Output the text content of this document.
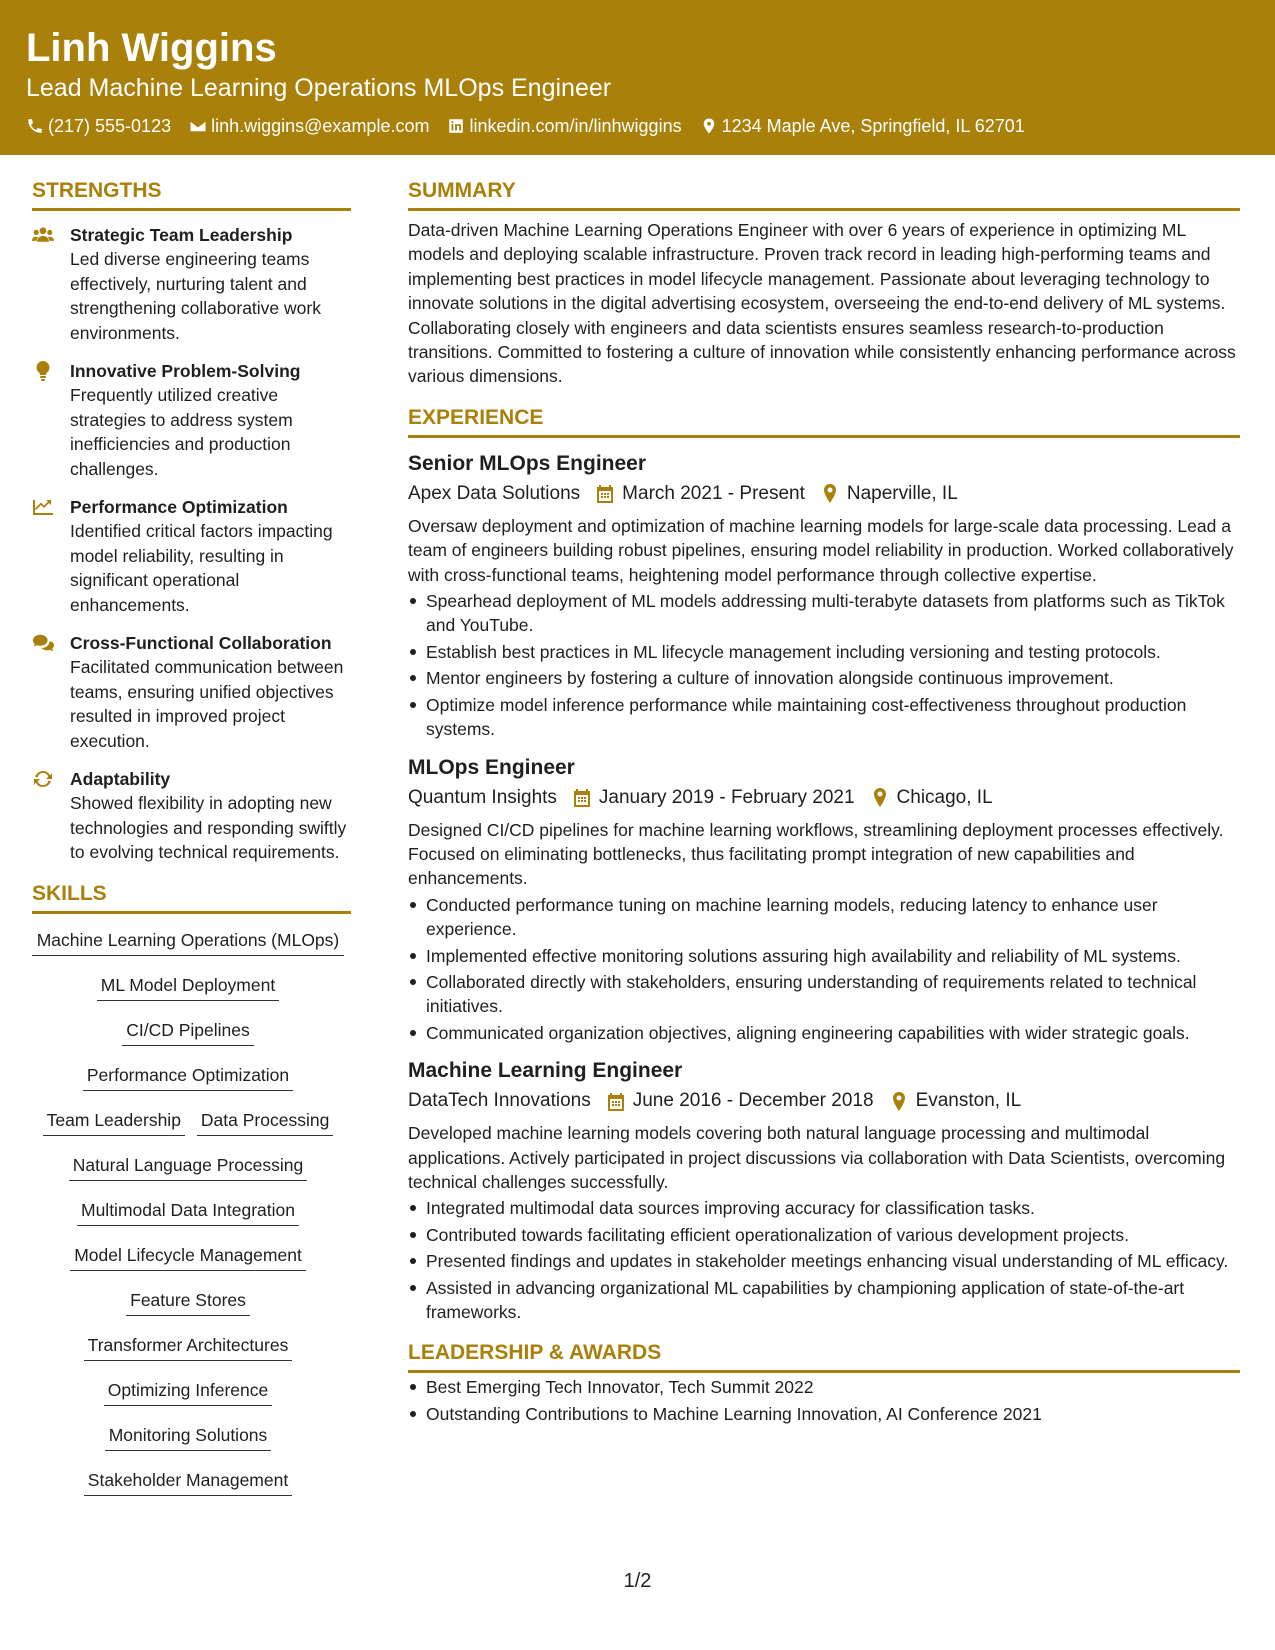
Linh Wiggins
Lead Machine Learning Operations MLOps Engineer
(217) 555-0123 linh.wiggins@example.com linkedin.com/in/linhwiggins 1234 Maple Ave, Springfield, IL 62701
STRENGTHS
Strategic Team Leadership
Led diverse engineering teams effectively, nurturing talent and strengthening collaborative work environments.
Innovative Problem-Solving
Frequently utilized creative strategies to address system inefficiencies and production challenges.
Performance Optimization
Identified critical factors impacting model reliability, resulting in significant operational enhancements.
Cross-Functional Collaboration
Facilitated communication between teams, ensuring unified objectives resulted in improved project execution.
Adaptability
Showed flexibility in adopting new technologies and responding swiftly to evolving technical requirements.
SKILLS
Machine Learning Operations (MLOps)
ML Model Deployment
CI/CD Pipelines
Performance Optimization
Team Leadership Data Processing
Natural Language Processing
Multimodal Data Integration
Model Lifecycle Management
Feature Stores
Transformer Architectures
Optimizing Inference
Monitoring Solutions
Stakeholder Management
SUMMARY
Data-driven Machine Learning Operations Engineer with over 6 years of experience in optimizing ML models and deploying scalable infrastructure. Proven track record in leading high-performing teams and implementing best practices in model lifecycle management. Passionate about leveraging technology to innovate solutions in the digital advertising ecosystem, overseeing the end-to-end delivery of ML systems. Collaborating closely with engineers and data scientists ensures seamless research-to-production transitions. Committed to fostering a culture of innovation while consistently enhancing performance across various dimensions.
EXPERIENCE
Senior MLOps Engineer
Apex Data Solutions March 2021 - Present Naperville, IL
Oversaw deployment and optimization of machine learning models for large-scale data processing. Lead a team of engineers building robust pipelines, ensuring model reliability in production. Worked collaboratively with cross-functional teams, heightening model performance through collective expertise.
Spearhead deployment of ML models addressing multi-terabyte datasets from platforms such as TikTok and YouTube.
Establish best practices in ML lifecycle management including versioning and testing protocols.
Mentor engineers by fostering a culture of innovation alongside continuous improvement.
Optimize model inference performance while maintaining cost-effectiveness throughout production systems.
MLOps Engineer
Quantum Insights January 2019 - February 2021 Chicago, IL
Designed CI/CD pipelines for machine learning workflows, streamlining deployment processes effectively. Focused on eliminating bottlenecks, thus facilitating prompt integration of new capabilities and enhancements.
Conducted performance tuning on machine learning models, reducing latency to enhance user experience.
Implemented effective monitoring solutions assuring high availability and reliability of ML systems.
Collaborated directly with stakeholders, ensuring understanding of requirements related to technical initiatives.
Communicated organization objectives, aligning engineering capabilities with wider strategic goals.
Machine Learning Engineer
DataTech Innovations June 2016 - December 2018 Evanston, IL
Developed machine learning models covering both natural language processing and multimodal applications. Actively participated in project discussions via collaboration with Data Scientists, overcoming technical challenges successfully.
Integrated multimodal data sources improving accuracy for classification tasks.
Contributed towards facilitating efficient operationalization of various development projects.
Presented findings and updates in stakeholder meetings enhancing visual understanding of ML efficacy.
Assisted in advancing organizational ML capabilities by championing application of state-of-the-art frameworks.
LEADERSHIP & AWARDS
Best Emerging Tech Innovator, Tech Summit 2022
Outstanding Contributions to Machine Learning Innovation, AI Conference 2021
1/2
